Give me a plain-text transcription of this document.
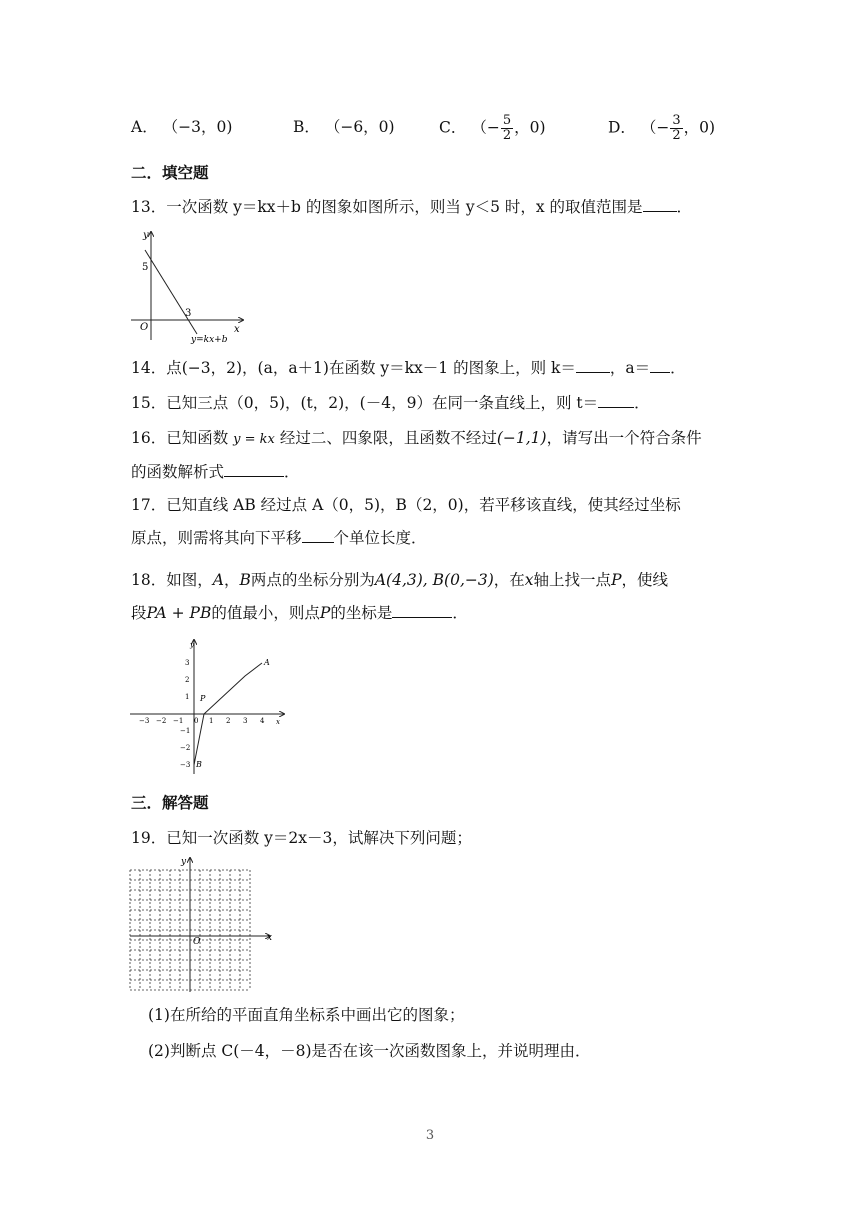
A． （−3，0)	B． （−6，0)	C． （− $\frac{5}{2}$ ，0)	D． （− $\frac{3}{2}$ ，0)
二．填空题
13．一次函数 y＝kx＋b 的图象如图所示，则当 y＜5 时，x 的取值范围是 ．
y
x
O
5
3
y=kx+b
14．点(−3，2)，(a，a＋1)在函数 y＝kx－1 的图象上，则 k＝ ，a＝ ．
15．已知三点（0，5)，(t，2)，(－4，9）在同一条直线上，则 t＝ ．
16．已知函数 y = kx 经过二、四象限，且函数不经过(−1,1)，请写出一个符合条件
的函数解析式	．
17．已知直线 AB 经过点 A（0，5)，B（2，0)，若平移该直线，使其经过坐标
原点，则需将其向下平移 个单位长度．
18．如图，A，B两点的坐标分别为A(4,3), B(0,−3)，在x轴上找一点P，使线
段PA + PB的值最小，则点P的坐标是	．
−3 −2 −1	1 2 3 4
3
2
1
−1
−2
−3
y
x
0
A
B
P
三．解答题
19．已知一次函数 y＝2x－3，试解决下列问题；
y
x
O
(1)在所给的平面直角坐标系中画出它的图象；
(2)判断点 C(－4，－8)是否在该一次函数图象上，并说明理由．
3
